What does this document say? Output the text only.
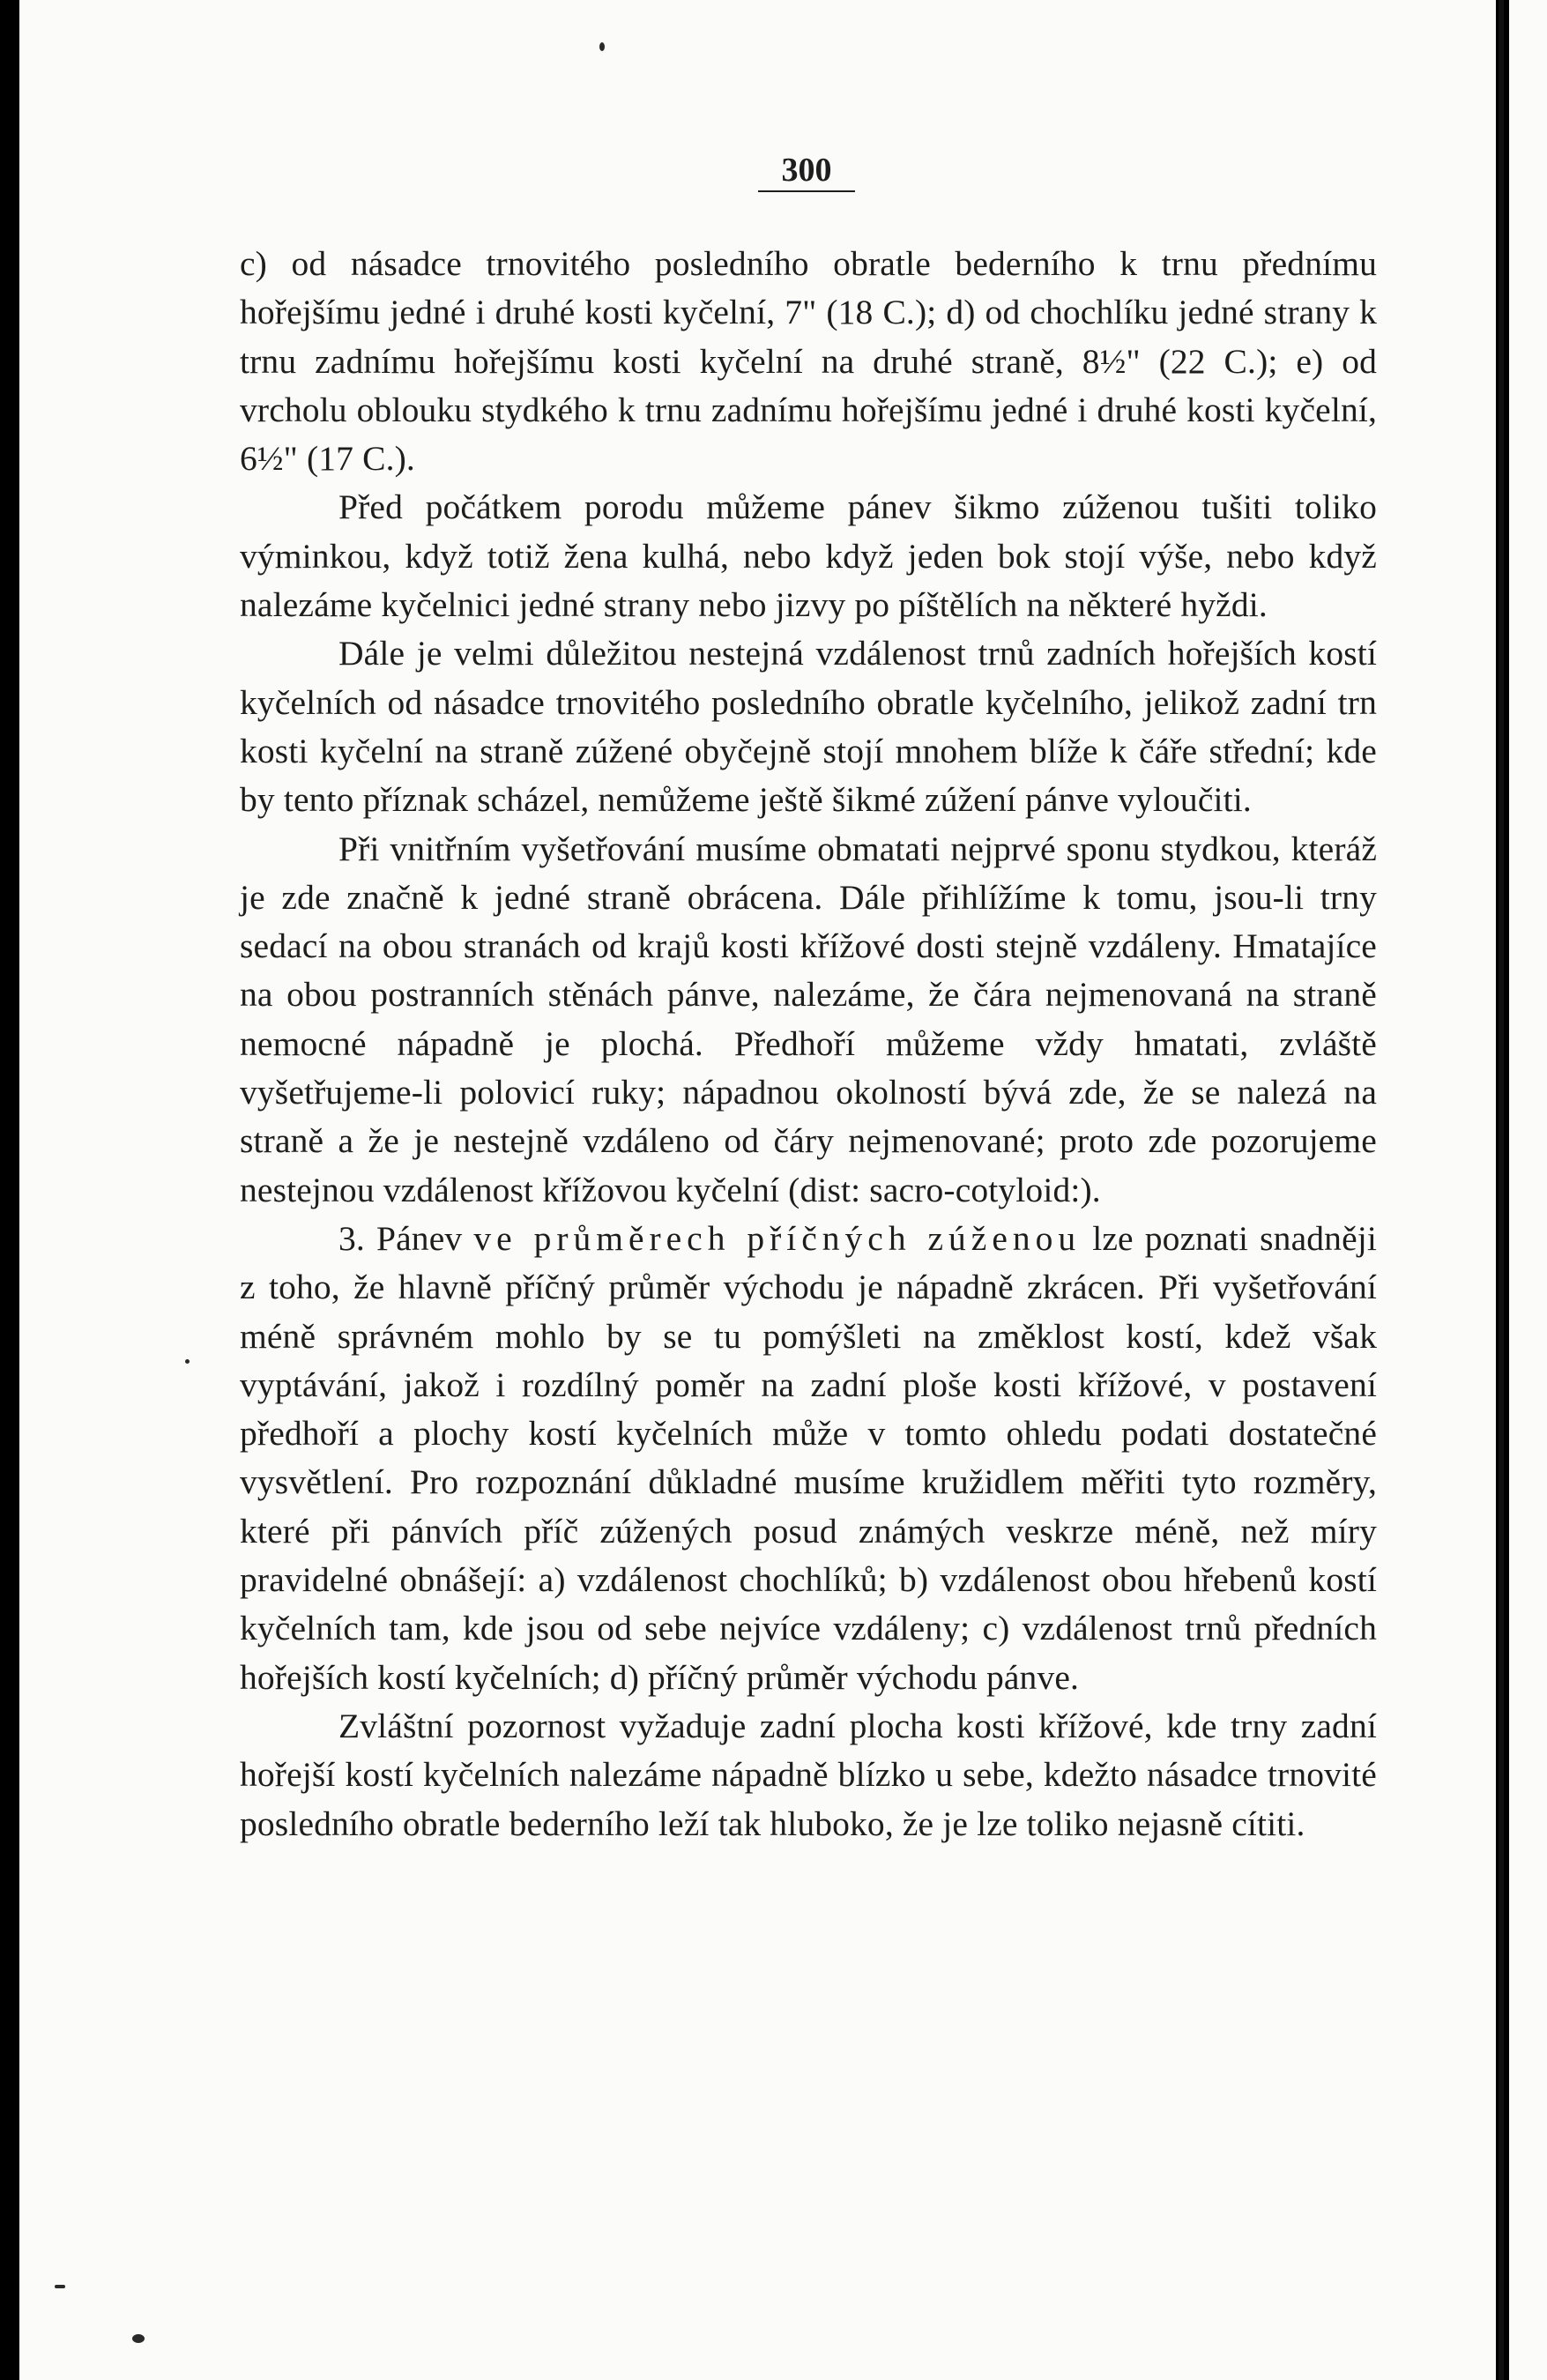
300

c) od násadce trnovitého posledního obratle bederního k trnu přednímu hořejšímu jedné i druhé kosti kyčelní, 7" (18 C.); d) od chochlíku jedné strany k trnu zadnímu hořejšímu kosti kyčelní na druhé straně, 8½" (22 C.); e) od vrcholu oblouku stydkého k trnu zadnímu hořejšímu jedné i druhé kosti kyčelní, 6½" (17 C.).

Před počátkem porodu můžeme pánev šikmo zúženou tušiti toliko výminkou, když totiž žena kulhá, nebo když jeden bok stojí výše, nebo když nalezáme kyčelnici jedné strany nebo jizvy po píštělích na některé hyždi.

Dále je velmi důležitou nestejná vzdálenost trnů zadních hořejších kostí kyčelních od násadce trnovitého posledního obratle kyčelního, jelikož zadní trn kosti kyčelní na straně zúžené obyčejně stojí mnohem blíže k čáře střední; kde by tento příznak scházel, nemůžeme ještě šikmé zúžení pánve vyloučiti.

Při vnitřním vyšetřování musíme obmatati nejprvé sponu stydkou, kteráž je zde značně k jedné straně obrácena. Dále přihlížíme k tomu, jsou-li trny sedací na obou stranách od krajů kosti křížové dosti stejně vzdáleny. Hmatajíce na obou postranních stěnách pánve, nalezáme, že čára nejmenovaná na straně nemocné nápadně je plochá. Předhoří můžeme vždy hmatati, zvláště vyšetřujeme-li polovicí ruky; nápadnou okolností bývá zde, že se nalezá na straně a že je nestejně vzdáleno od čáry nejmenované; proto zde pozorujeme nestejnou vzdálenost křížovou kyčelní (dist: sacro-cotyloid:).

3. Pánev ve průměrech příčných zúženou lze poznati snadněji z toho, že hlavně příčný průměr východu je nápadně zkrácen. Při vyšetřování méně správném mohlo by se tu pomýšleti na změklost kostí, kdež však vyptávání, jakož i rozdílný poměr na zadní ploše kosti křížové, v postavení předhoří a plochy kostí kyčelních může v tomto ohledu podati dostatečné vysvětlení. Pro rozpoznání důkladné musíme kružidlem měřiti tyto rozměry, které při pánvích příč zúžených posud známých veskrze méně, než míry pravidelné obnášejí: a) vzdálenost chochlíků; b) vzdálenost obou hřebenů kostí kyčelních tam, kde jsou od sebe nejvíce vzdáleny; c) vzdálenost trnů předních hořejších kostí kyčelních; d) příčný průměr východu pánve.

Zvláštní pozornost vyžaduje zadní plocha kosti křížové, kde trny zadní hořejší kostí kyčelních nalezáme nápadně blízko u sebe, kdežto násadce trnovité posledního obratle bederního leží tak hluboko, že je lze toliko nejasně cítiti.
